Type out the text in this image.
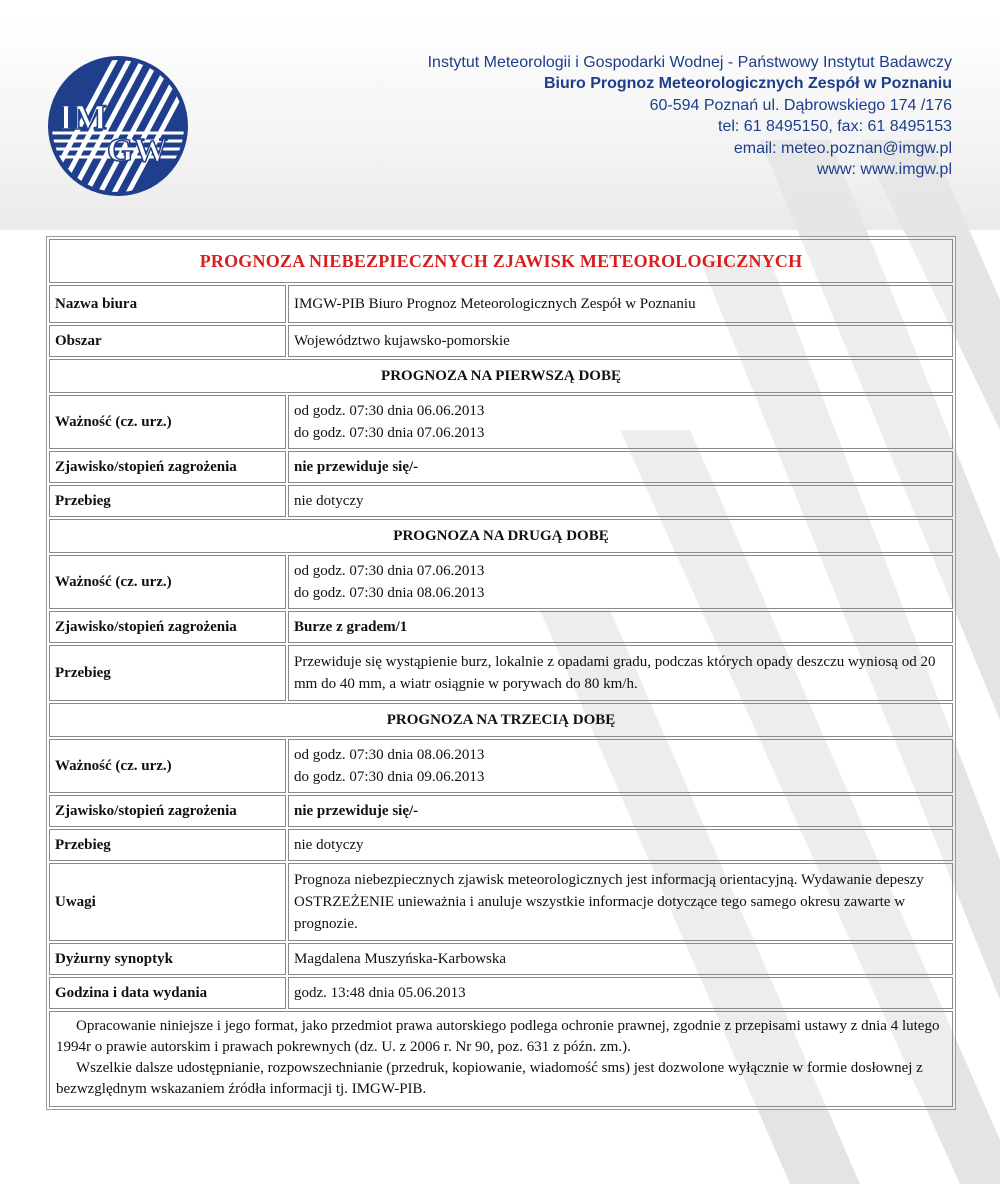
IM
GW
Instytut Meteorologii i Gospodarki Wodnej - Państwowy Instytut Badawczy
Biuro Prognoz Meteorologicznych Zespół w Poznaniu
60-594 Poznań ul. Dąbrowskiego 174 /176
tel: 61 8495150, fax: 61 8495153
email: meteo.poznan@imgw.pl
www: www.imgw.pl
PROGNOZA NIEBEZPIECZNYCH ZJAWISK METEOROLOGICZNYCH	
Nazwa biura	IMGW-PIB Biuro Prognoz Meteorologicznych Zespół w Poznaniu
Obszar	Województwo kujawsko-pomorskie
PROGNOZA NA PIERWSZĄ DOBĘ	
Ważność (cz. urz.)	od godz. 07:30 dnia 06.06.2013
do godz. 07:30 dnia 07.06.2013

Zjawisko/stopień zagrożenia	nie przewiduje się/-
Przebieg	nie dotyczy
PROGNOZA NA DRUGĄ DOBĘ	
Ważność (cz. urz.)	od godz. 07:30 dnia 07.06.2013
do godz. 07:30 dnia 08.06.2013

Zjawisko/stopień zagrożenia	Burze z gradem/1
Przebieg	Przewiduje się wystąpienie burz, lokalnie z opadami gradu, podczas których opady deszczu wyniosą od 20 mm do 40 mm, a wiatr osiągnie w porywach do 80 km/h.
PROGNOZA NA TRZECIĄ DOBĘ	
Ważność (cz. urz.)	od godz. 07:30 dnia 08.06.2013
do godz. 07:30 dnia 09.06.2013

Zjawisko/stopień zagrożenia	nie przewiduje się/-
Przebieg	nie dotyczy
Uwagi	Prognoza niebezpiecznych zjawisk meteorologicznych jest informacją orientacyjną. Wydawanie depeszy OSTRZEŻENIE unieważnia i anuluje wszystkie informacje dotyczące tego samego okresu zawarte w prognozie.
Dyżurny synoptyk	Magdalena Muszyńska-Karbowska
Godzina i data wydania	godz. 13:48 dnia 05.06.2013

Opracowanie niniejsze i jego format, jako przedmiot prawa autorskiego podlega ochronie prawnej, zgodnie z przepisami ustawy z dnia 4 lutego 1994r o prawie autorskim i prawach pokrewnych (dz. U. z 2006 r. Nr 90, poz. 631 z późn. zm.).

Wszelkie dalsze udostępnianie, rozpowszechnianie (przedruk, kopiowanie, wiadomość sms) jest dozwolone wyłącznie w formie dosłownej z bezwzględnym wskazaniem źródła informacji tj. IMGW-PIB.	
